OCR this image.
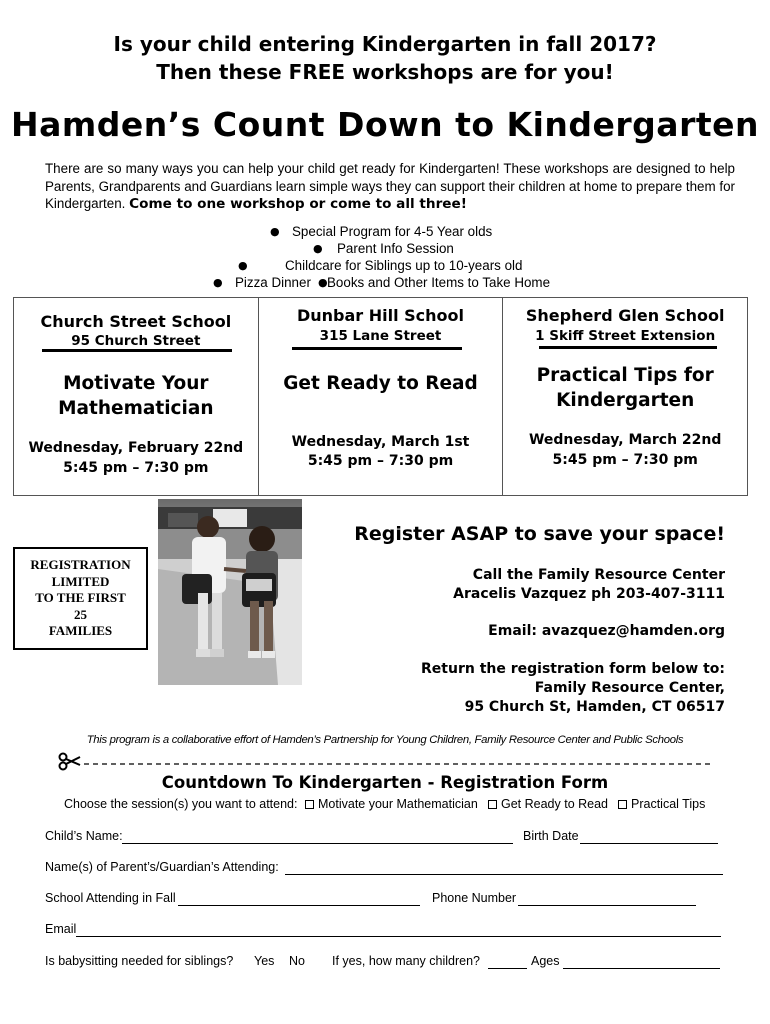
Is your child entering Kindergarten in fall 2017?
Then these FREE workshops are for you!
Hamden’s Count Down to Kindergarten
There are so many ways you can help your child get ready for Kindergarten! These workshops are designed to help Parents, Grandparents and Guardians learn simple ways they can support their children at home to prepare them for Kindergarten. Come to one workshop or come to all three!
● Special Program for 4-5 Year olds
● Parent Info Session
●	Childcare for Siblings up to 10-years old
● Pizza Dinner ● Books and Other Items to Take Home
Church Street School
95 Church Street
Motivate Your Mathematician
Wednesday, February 22nd
5:45 pm – 7:30 pm
Dunbar Hill School
315 Lane Street
Get Ready to Read
Wednesday, March 1st
5:45 pm – 7:30 pm
Shepherd Glen School
1 Skiff Street Extension
Practical Tips for Kindergarten
Wednesday, March 22nd
5:45 pm – 7:30 pm
REGISTRATION
LIMITED
TO THE FIRST
25
FAMILIES
Register ASAP to save your space!
Call the Family Resource Center
Aracelis Vazquez ph 203-407-3111
Email: avazquez@hamden.org
Return the registration form below to:
Family Resource Center,
95 Church St, Hamden, CT 06517
This program is a collaborative effort of Hamden’s Partnership for Young Children, Family Resource Center and Public Schools
Countdown To Kindergarten - Registration Form
Choose the session(s) you want to attend:	Motivate your Mathematician	Get Ready to Read	Practical Tips
Child’s Name:	Birth Date
Name(s) of Parent’s/Guardian’s Attending:
School Attending in Fall	Phone Number
Email
Is babysitting needed for siblings? Yes No If yes, how many children?	Ages
